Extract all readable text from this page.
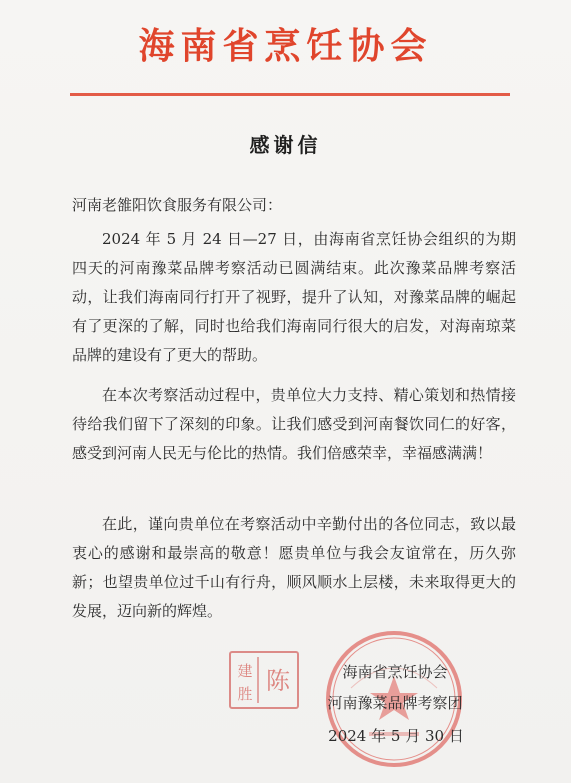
海南省烹饪协会
感谢信
河南老雒阳饮食服务有限公司：
2024 年 5 月 24 日—27 日，由海南省烹饪协会组织的为期四天的河南豫菜品牌考察活动已圆满结束。此次豫菜品牌考察活动，让我们海南同行打开了视野，提升了认知，对豫菜品牌的崛起有了更深的了解，同时也给我们海南同行很大的启发，对海南琼菜品牌的建设有了更大的帮助。
在本次考察活动过程中，贵单位大力支持、精心策划和热情接待给我们留下了深刻的印象。让我们感受到河南餐饮同仁的好客，感受到河南人民无与伦比的热情。我们倍感荣幸，幸福感满满！
在此，谨向贵单位在考察活动中辛勤付出的各位同志，致以最衷心的感谢和最崇高的敬意！愿贵单位与我会友谊常在，历久弥新；也望贵单位过千山有行舟，顺风顺水上层楼，未来取得更大的发展，迈向新的辉煌。
建
胜 陈	海南省烹饪协会
河南豫菜品牌考察团
2024 年 5 月 30 日
